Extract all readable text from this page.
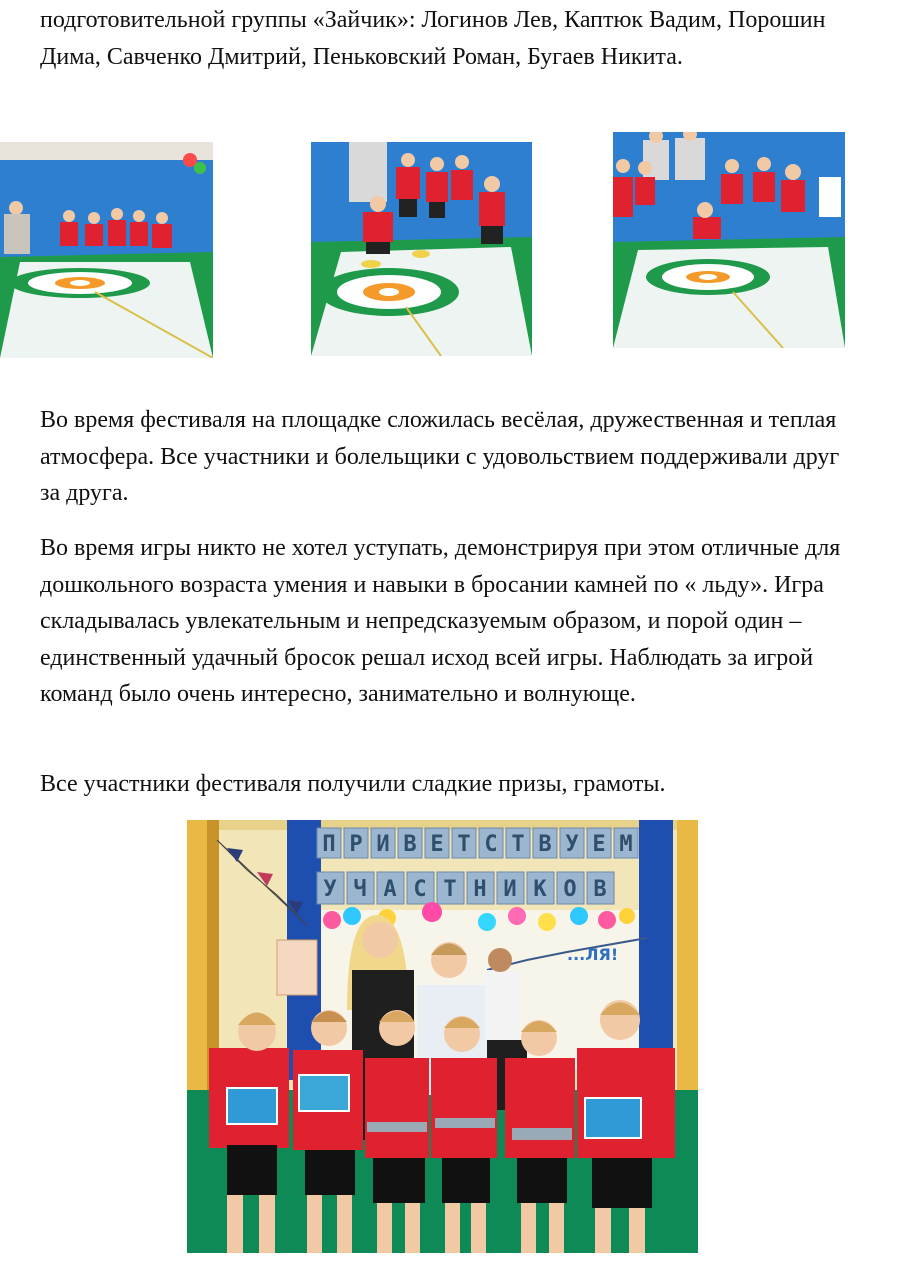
подготовительной группы «Зайчик»: Логинов Лев, Каптюк Вадим, Порошин Дима, Савченко Дмитрий, Пеньковский Роман, Бугаев Никита.

Во время фестиваля на площадке сложилась весёлая, дружественная и теплая атмосфера. Все участники и болельщики с удовольствием поддерживали друг за друга.

Во время игры никто не хотел уступать, демонстрируя при этом отличные для дошкольного возраста умения и навыки в бросании камней по « льду». Игра складывалась увлекательным и непредсказуемым образом, и порой один – единственный удачный бросок решал исход всей игры. Наблюдать за игрой команд было очень интересно, занимательно и волнующе.

Все участники фестиваля получили сладкие призы, грамоты.

П Р И В Е Т С Т В У Е М
У Ч А С Т Н И К О В
...ЛЯ!
